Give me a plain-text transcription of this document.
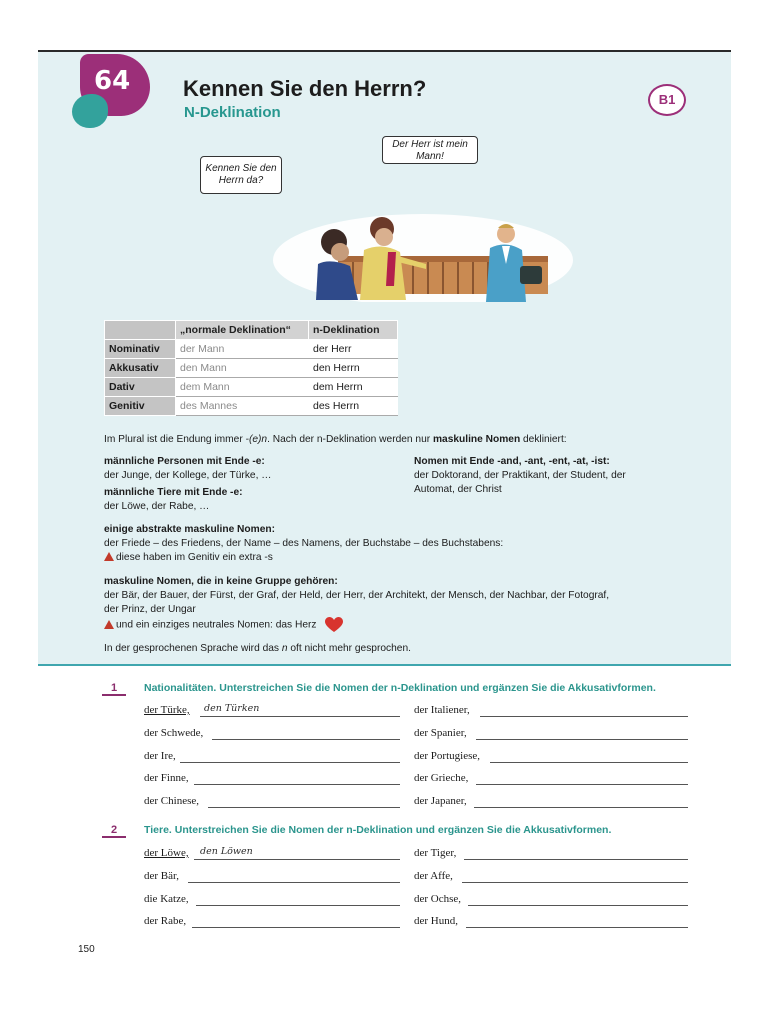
64	Kennen Sie den Herrn?
N-Deklination
B1
Kennen Sie den Herrn da?
Der Herr ist mein Mann!
	„normale Deklination“	n-Deklination
Nominativ	der Mann	der Herr
Akkusativ	den Mann	den Herrn
Dativ	dem Mann	dem Herrn
Genitiv	des Mannes	des Herrn
Im Plural ist die Endung immer -(e)n. Nach der n-Deklination werden nur maskuline Nomen dekliniert:
männliche Personen mit Ende -e:
der Junge, der Kollege, der Türke, …
männliche Tiere mit Ende -e:
der Löwe, der Rabe, …
Nomen mit Ende -and, -ant, -ent, -at, -ist:
der Doktorand, der Praktikant, der Student, der
Automat, der Christ
einige abstrakte maskuline Nomen:
der Friede – des Friedens, der Name – des Namens, der Buchstabe – des Buchstabens:
diese haben im Genitiv ein extra -s
maskuline Nomen, die in keine Gruppe gehören:
der Bär, der Bauer, der Fürst, der Graf, der Held, der Herr, der Architekt, der Mensch, der Nachbar, der Fotograf,
der Prinz, der Ungar
und ein einziges neutrales Nomen: das Herz
In der gesprochenen Sprache wird das n oft nicht mehr gesprochen.
1	Nationalitäten. Unterstreichen Sie die Nomen der n-Deklination und ergänzen Sie die Akkusativformen.
der Türke, den Türken
der Schwede,
der Ire,
der Finne,
der Chinese,
der Italiener,
der Spanier,
der Portugiese,
der Grieche,
der Japaner,
2	Tiere. Unterstreichen Sie die Nomen der n-Deklination und ergänzen Sie die Akkusativformen.
der Löwe, den Löwen
der Bär,
die Katze,
der Rabe,
der Tiger,
der Affe,
der Ochse,
der Hund,
150
